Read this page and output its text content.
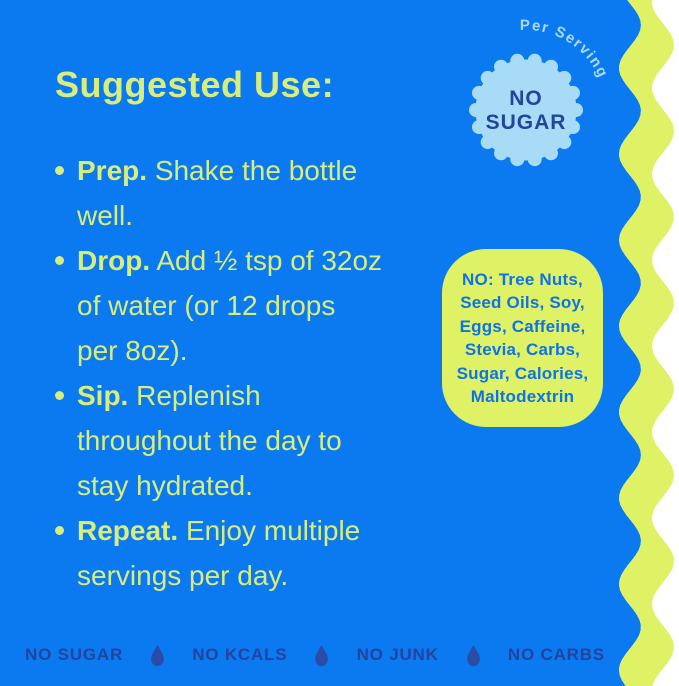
Suggested Use:

Prep. Shake the bottle
well.

Drop. Add ½ tsp of 32oz
of water (or 12 drops
per 8oz).

Sip. Replenish
throughout the day to
stay hydrated.

Repeat. Enjoy multiple
servings per day.

Per Serving
NO
SUGAR

NO: Tree Nuts,
Seed Oils, Soy,
Eggs, Caffeine,
Stevia, Carbs,
Sugar, Calories,
Maltodextrin

NO SUGAR	NO KCALS	NO JUNK	NO CARBS
